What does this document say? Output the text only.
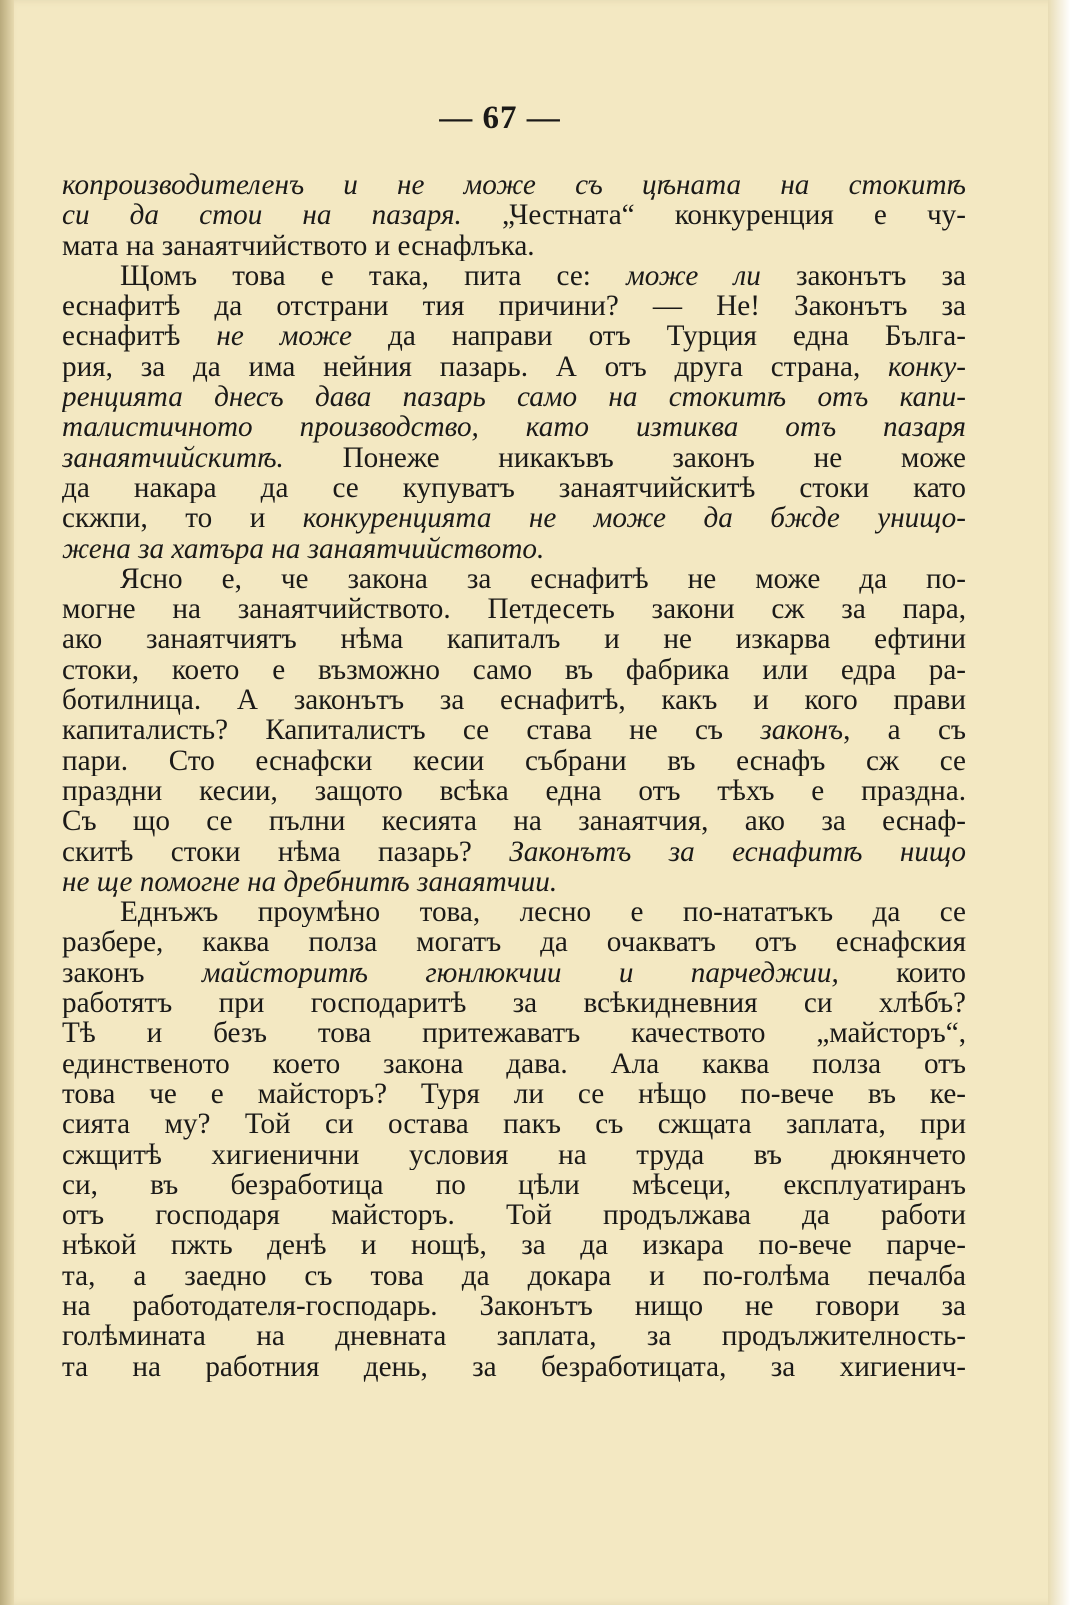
— 67 —
копроизводителенъ и не може съ цѣната на стокитѣ
си да стои на пазаря. „Честната“ конкуренция е чу-
мата на занаятчийството и еснафлъка.
Щомъ това е така, пита се: може ли законътъ за
еснафитѣ да отстрани тия причини? — Не! Законътъ за
еснафитѣ не може да направи отъ Турция една Бълга-
рия, за да има нейния пазарь. А отъ друга страна, конку-
ренцията днесъ дава пазарь само на стокитѣ отъ капи-
талистичното производство, като изтиква отъ пазаря
занаятчийскитѣ. Понеже никакъвъ законъ не може
да накара да се купуватъ занаятчийскитѣ стоки като
скжпи, то и конкуренцията не може да бжде унищо-
жена за хатъра на занаятчийството.
Ясно е, че закона за еснафитѣ не може да по-
могне на занаятчийството. Петдесеть закони сж за пара,
ако занаятчиятъ нѣма капиталъ и не изкарва ефтини
стоки, което е възможно само въ фабрика или едра ра-
ботилница. А законътъ за еснафитѣ, какъ и кого прави
капиталисть? Капиталистъ се става не съ законъ, а съ
пари. Сто еснафски кесии събрани въ еснафъ сж се
праздни кесии, защото всѣка една отъ тѣхъ е праздна.
Съ що се пълни кесията на занаятчия, ако за еснаф-
скитѣ стоки нѣма пазарь? Законътъ за еснафитѣ нищо
не ще помогне на дребнитѣ занаятчии.
Еднъжъ проумѣно това, лесно е по-нататъкъ да се
разбере, каква полза могатъ да очакватъ отъ еснафския
законъ майсторитѣ гюнлюкчии и парчеджии, които
работятъ при господаритѣ за всѣкидневния си хлѣбъ?
Тѣ и безъ това притежаватъ качеството „майсторъ“,
единственото което закона дава. Ала каква полза отъ
това че е майсторъ? Туря ли се нѣщо по-вече въ ке-
сията му? Той си остава пакъ съ сжщата заплата, при
сжщитѣ хигиенични условия на труда въ дюкянчето
си, въ безработица по цѣли мѣсеци, експлуатиранъ
отъ господаря майсторъ. Той продължава да работи
нѣкой пжть денѣ и нощѣ, за да изкара по-вече парче-
та, а заедно съ това да докара и по-голѣма печалба
на работодателя-господарь. Законътъ нищо не говори за
голѣмината на дневната заплата, за продължителность-
та на работния день, за безработицата, за хигиенич-
